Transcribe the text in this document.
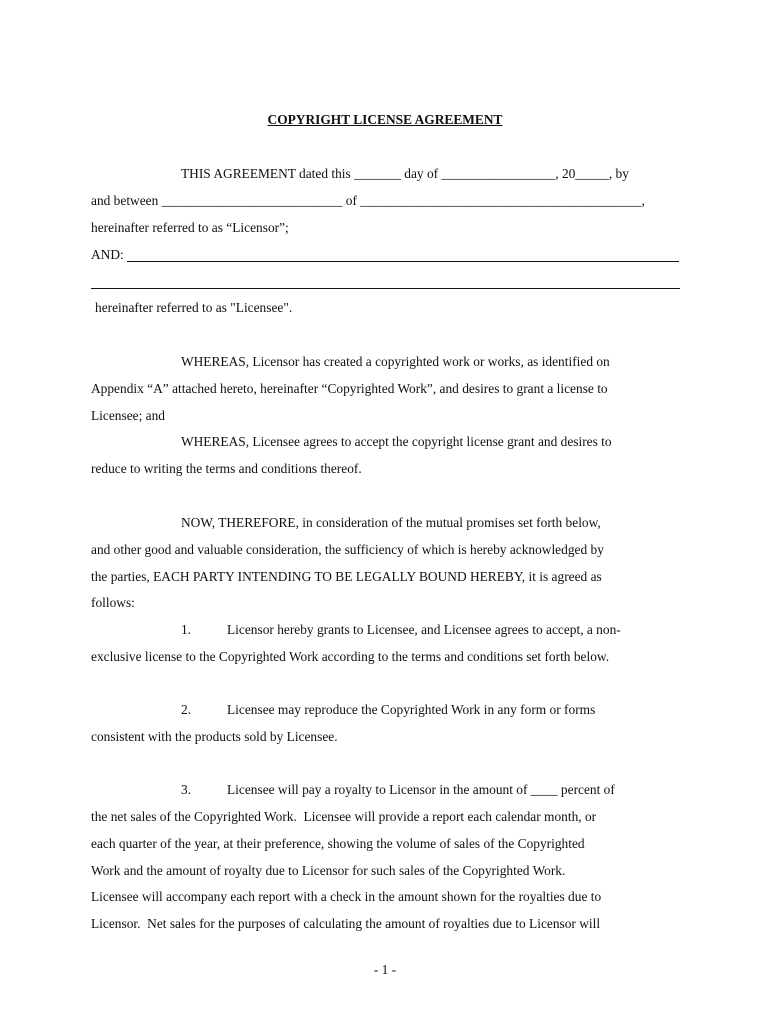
COPYRIGHT LICENSE AGREEMENT
THIS AGREEMENT dated this _______ day of _________________, 20_____, by
and between ___________________________ of __________________________________________,
hereinafter referred to as “Licensor”;
AND:
hereinafter referred to as "Licensee".
WHEREAS, Licensor has created a copyrighted work or works, as identified on
Appendix “A” attached hereto, hereinafter “Copyrighted Work”, and desires to grant a license to
Licensee; and
WHEREAS, Licensee agrees to accept the copyright license grant and desires to
reduce to writing the terms and conditions thereof.
NOW, THEREFORE, in consideration of the mutual promises set forth below,
and other good and valuable consideration, the sufficiency of which is hereby acknowledged by
the parties, EACH PARTY INTENDING TO BE LEGALLY BOUND HEREBY, it is agreed as
follows:
1.	Licensor hereby grants to Licensee, and Licensee agrees to accept, a non-
exclusive license to the Copyrighted Work according to the terms and conditions set forth below.
2.	Licensee may reproduce the Copyrighted Work in any form or forms
consistent with the products sold by Licensee.
3.	Licensee will pay a royalty to Licensor in the amount of ____ percent of
the net sales of the Copyrighted Work.  Licensee will provide a report each calendar month, or
each quarter of the year, at their preference, showing the volume of sales of the Copyrighted
Work and the amount of royalty due to Licensor for such sales of the Copyrighted Work.
Licensee will accompany each report with a check in the amount shown for the royalties due to
Licensor.  Net sales for the purposes of calculating the amount of royalties due to Licensor will
- 1 -
